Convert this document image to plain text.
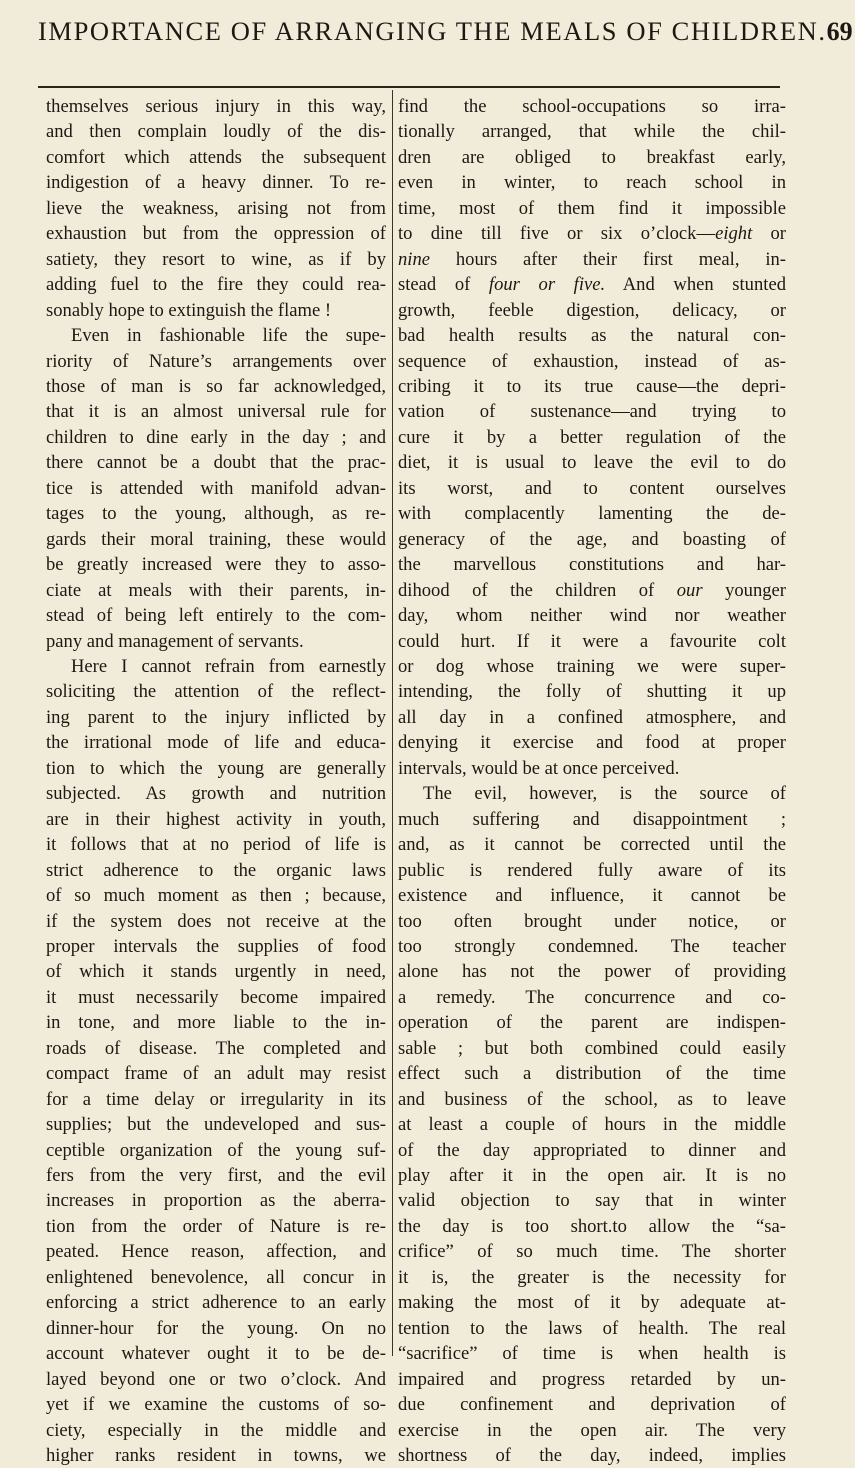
IMPORTANCE OF ARRANGING THE MEALS OF CHILDREN. 69
themselves serious injury in this way,
and then complain loudly of the dis-
comfort which attends the subsequent
indigestion of a heavy dinner. To re-
lieve the weakness, arising not from
exhaustion but from the oppression of
satiety, they resort to wine, as if by
adding fuel to the fire they could rea-
sonably hope to extinguish the flame !
Even in fashionable life the supe-
riority of Nature’s arrangements over
those of man is so far acknowledged,
that it is an almost universal rule for
children to dine early in the day ; and
there cannot be a doubt that the prac-
tice is attended with manifold advan-
tages to the young, although, as re-
gards their moral training, these would
be greatly increased were they to asso-
ciate at meals with their parents, in-
stead of being left entirely to the com-
pany and management of servants.
Here I cannot refrain from earnestly
soliciting the attention of the reflect-
ing parent to the injury inflicted by
the irrational mode of life and educa-
tion to which the young are generally
subjected. As growth and nutrition
are in their highest activity in youth,
it follows that at no period of life is
strict adherence to the organic laws
of so much moment as then ; because,
if the system does not receive at the
proper intervals the supplies of food
of which it stands urgently in need,
it must necessarily become impaired
in tone, and more liable to the in-
roads of disease. The completed and
compact frame of an adult may resist
for a time delay or irregularity in its
supplies; but the undeveloped and sus-
ceptible organization of the young suf-
fers from the very first, and the evil
increases in proportion as the aberra-
tion from the order of Nature is re-
peated. Hence reason, affection, and
enlightened benevolence, all concur in
enforcing a strict adherence to an early
dinner-hour for the young. On no
account whatever ought it to be de-
layed beyond one or two o’clock. And
yet if we examine the customs of so-
ciety, especially in the middle and
higher ranks resident in towns, we
find the school-occupations so irra-
tionally arranged, that while the chil-
dren are obliged to breakfast early,
even in winter, to reach school in
time, most of them find it impossible
to dine till five or six o’clock—eight or
nine hours after their first meal, in-
stead of four or five. And when stunted
growth, feeble digestion, delicacy, or
bad health results as the natural con-
sequence of exhaustion, instead of as-
cribing it to its true cause—the depri-
vation of sustenance—and trying to
cure it by a better regulation of the
diet, it is usual to leave the evil to do
its worst, and to content ourselves
with complacently lamenting the de-
generacy of the age, and boasting of
the marvellous constitutions and har-
dihood of the children of our younger
day, whom neither wind nor weather
could hurt. If it were a favourite colt
or dog whose training we were super-
intending, the folly of shutting it up
all day in a confined atmosphere, and
denying it exercise and food at proper
intervals, would be at once perceived.
The evil, however, is the source of
much suffering and disappointment ;
and, as it cannot be corrected until the
public is rendered fully aware of its
existence and influence, it cannot be
too often brought under notice, or
too strongly condemned. The teacher
alone has not the power of providing
a remedy. The concurrence and co-
operation of the parent are indispen-
sable ; but both combined could easily
effect such a distribution of the time
and business of the school, as to leave
at least a couple of hours in the middle
of the day appropriated to dinner and
play after it in the open air. It is no
valid objection to say that in winter
the day is too short.to allow the “sa-
crifice” of so much time. The shorter
it is, the greater is the necessity for
making the most of it by adequate at-
tention to the laws of health. The real
“sacrifice” of time is when health is
impaired and progress retarded by un-
due confinement and deprivation of
exercise in the open air. The very
shortness of the day, indeed, implies
